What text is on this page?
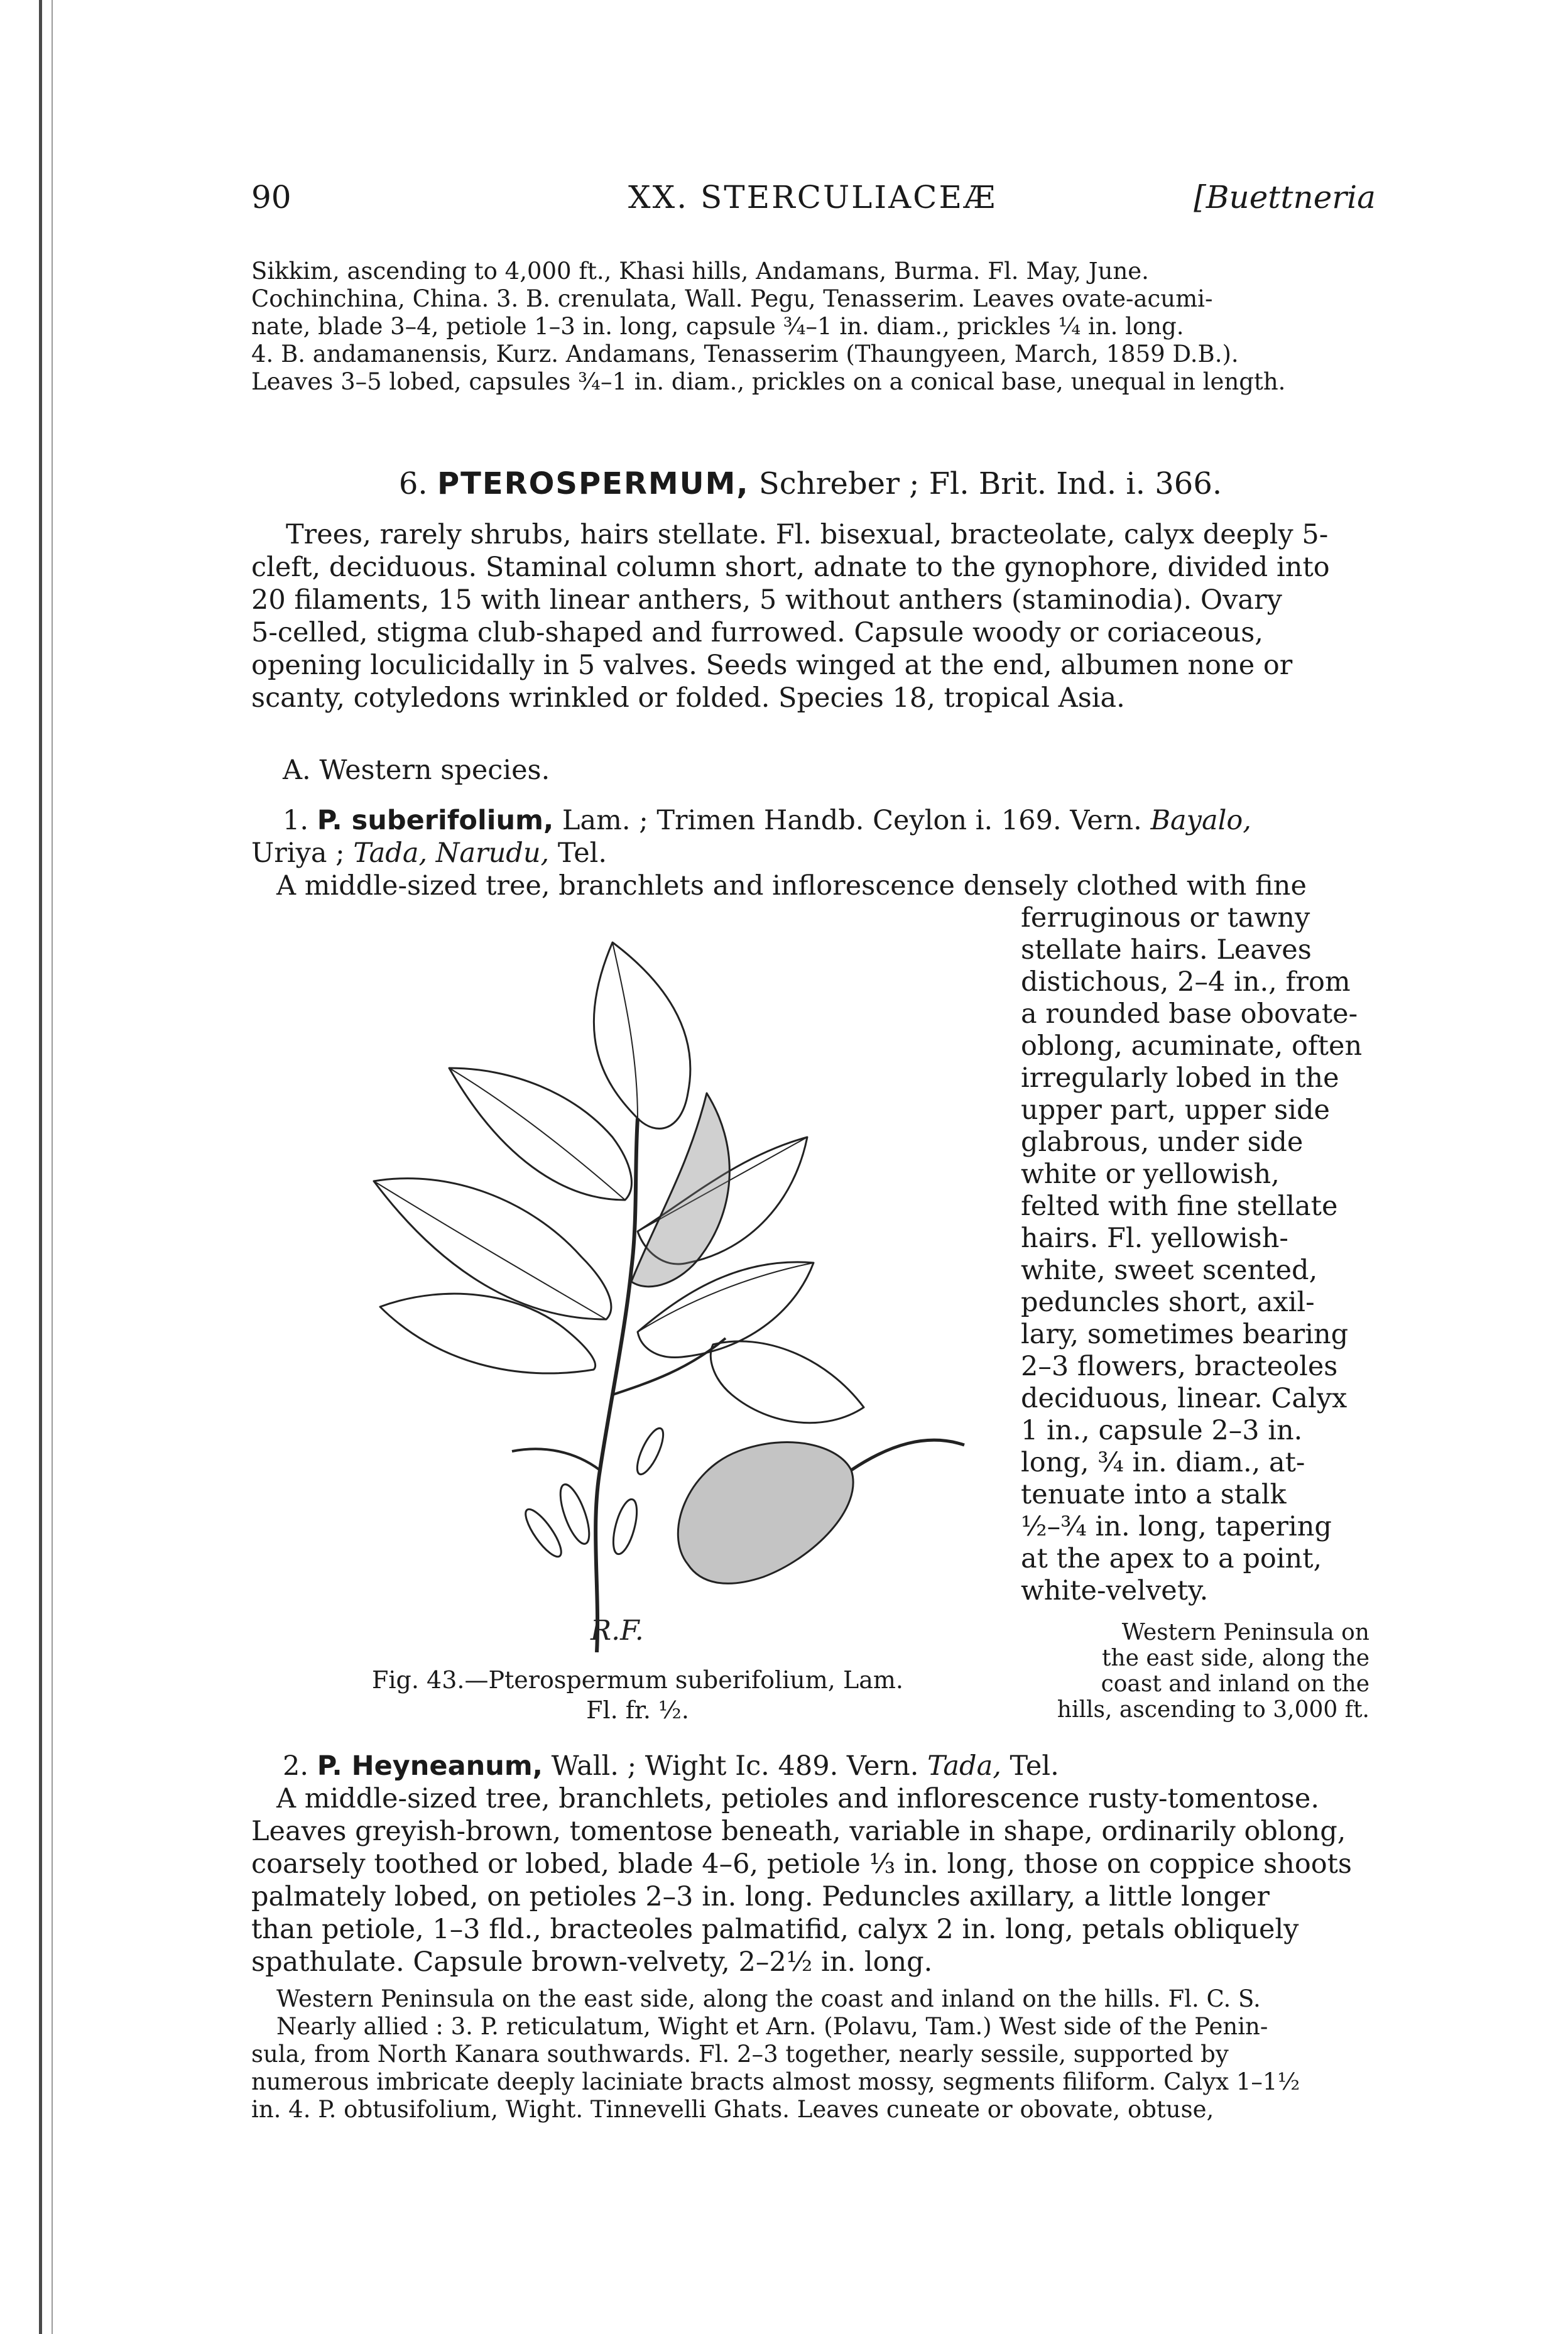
90	XX. STERCULIACEÆ	[Buettneria
Sikkim, ascending to 4,000 ft., Khasi hills, Andamans, Burma. Fl. May, June.
Cochinchina, China. 3. B. crenulata, Wall. Pegu, Tenasserim. Leaves ovate-acumi-
nate, blade 3–4, petiole 1–3 in. long, capsule ¾–1 in. diam., prickles ¼ in. long.
4. B. andamanensis, Kurz. Andamans, Tenasserim (Thaungyeen, March, 1859 D.B.).
Leaves 3–5 lobed, capsules ¾–1 in. diam., prickles on a conical base, unequal in length.
6. PTEROSPERMUM, Schreber ; Fl. Brit. Ind. i. 366.
Trees, rarely shrubs, hairs stellate. Fl. bisexual, bracteolate, calyx deeply 5-
cleft, deciduous. Staminal column short, adnate to the gynophore, divided into
20 filaments, 15 with linear anthers, 5 without anthers (staminodia). Ovary
5-celled, stigma club-shaped and furrowed. Capsule woody or coriaceous,
opening loculicidally in 5 valves. Seeds winged at the end, albumen none or
scanty, cotyledons wrinkled or folded. Species 18, tropical Asia.
A. Western species.
1. P. suberifolium, Lam. ; Trimen Handb. Ceylon i. 169. Vern. Bayalo,
Uriya ; Tada, Narudu, Tel.
A middle-sized tree, branchlets and inflorescence densely clothed with fine
ferruginous or tawny
stellate hairs. Leaves
distichous, 2–4 in., from
a rounded base obovate-
oblong, acuminate, often
irregularly lobed in the
upper part, upper side
glabrous, under side
white or yellowish,
felted with fine stellate
hairs. Fl. yellowish-
white, sweet scented,
peduncles short, axil-
lary, sometimes bearing
2–3 flowers, bracteoles
deciduous, linear. Calyx
1 in., capsule 2–3 in.
long, ¾ in. diam., at-
tenuate into a stalk
½–¾ in. long, tapering
at the apex to a point,
white-velvety.
Western Peninsula on
the east side, along the
coast and inland on the
hills, ascending to 3,000 ft.
R.F.
Fig. 43.—Pterospermum suberifolium, Lam.
Fl. fr. ½.
2. P. Heyneanum, Wall. ; Wight Ic. 489. Vern. Tada, Tel.
A middle-sized tree, branchlets, petioles and inflorescence rusty-tomentose.
Leaves greyish-brown, tomentose beneath, variable in shape, ordinarily oblong,
coarsely toothed or lobed, blade 4–6, petiole ⅓ in. long, those on coppice shoots
palmately lobed, on petioles 2–3 in. long. Peduncles axillary, a little longer
than petiole, 1–3 fld., bracteoles palmatifid, calyx 2 in. long, petals obliquely
spathulate. Capsule brown-velvety, 2–2½ in. long.
Western Peninsula on the east side, along the coast and inland on the hills. Fl. C. S.
Nearly allied : 3. P. reticulatum, Wight et Arn. (Polavu, Tam.) West side of the Penin-
sula, from North Kanara southwards. Fl. 2–3 together, nearly sessile, supported by
numerous imbricate deeply laciniate bracts almost mossy, segments filiform. Calyx 1–1½
in. 4. P. obtusifolium, Wight. Tinnevelli Ghats. Leaves cuneate or obovate, obtuse,
